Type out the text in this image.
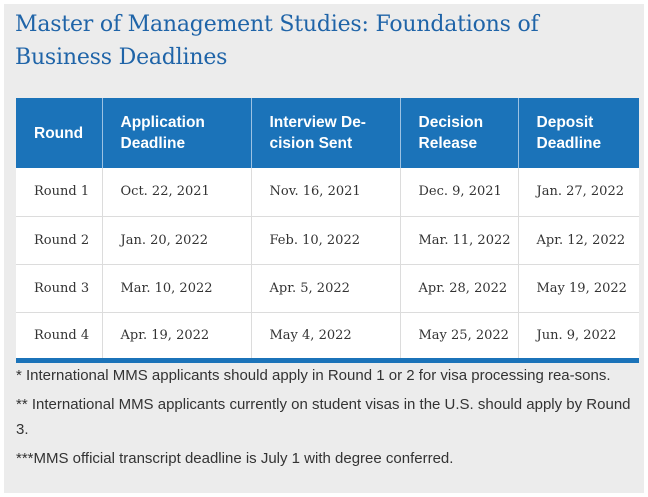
Master of Management Studies: Foundations of Business Deadlines
Round	Application Deadline	Interview De-cision Sent	Decision Release	Deposit Deadline
Round 1	Oct. 22, 2021	Nov. 16, 2021	Dec. 9, 2021	Jan. 27, 2022
Round 2	Jan. 20, 2022	Feb. 10, 2022	Mar. 11, 2022	Apr. 12, 2022
Round 3	Mar. 10, 2022	Apr. 5, 2022	Apr. 28, 2022	May 19, 2022
Round 4	Apr. 19, 2022	May 4, 2022	May 25, 2022	Jun. 9, 2022

* International MMS applicants should apply in Round 1 or 2 for visa processing rea-sons.

** International MMS applicants currently on student visas in the U.S. should apply by Round 3.

***MMS official transcript deadline is July 1 with degree conferred.
